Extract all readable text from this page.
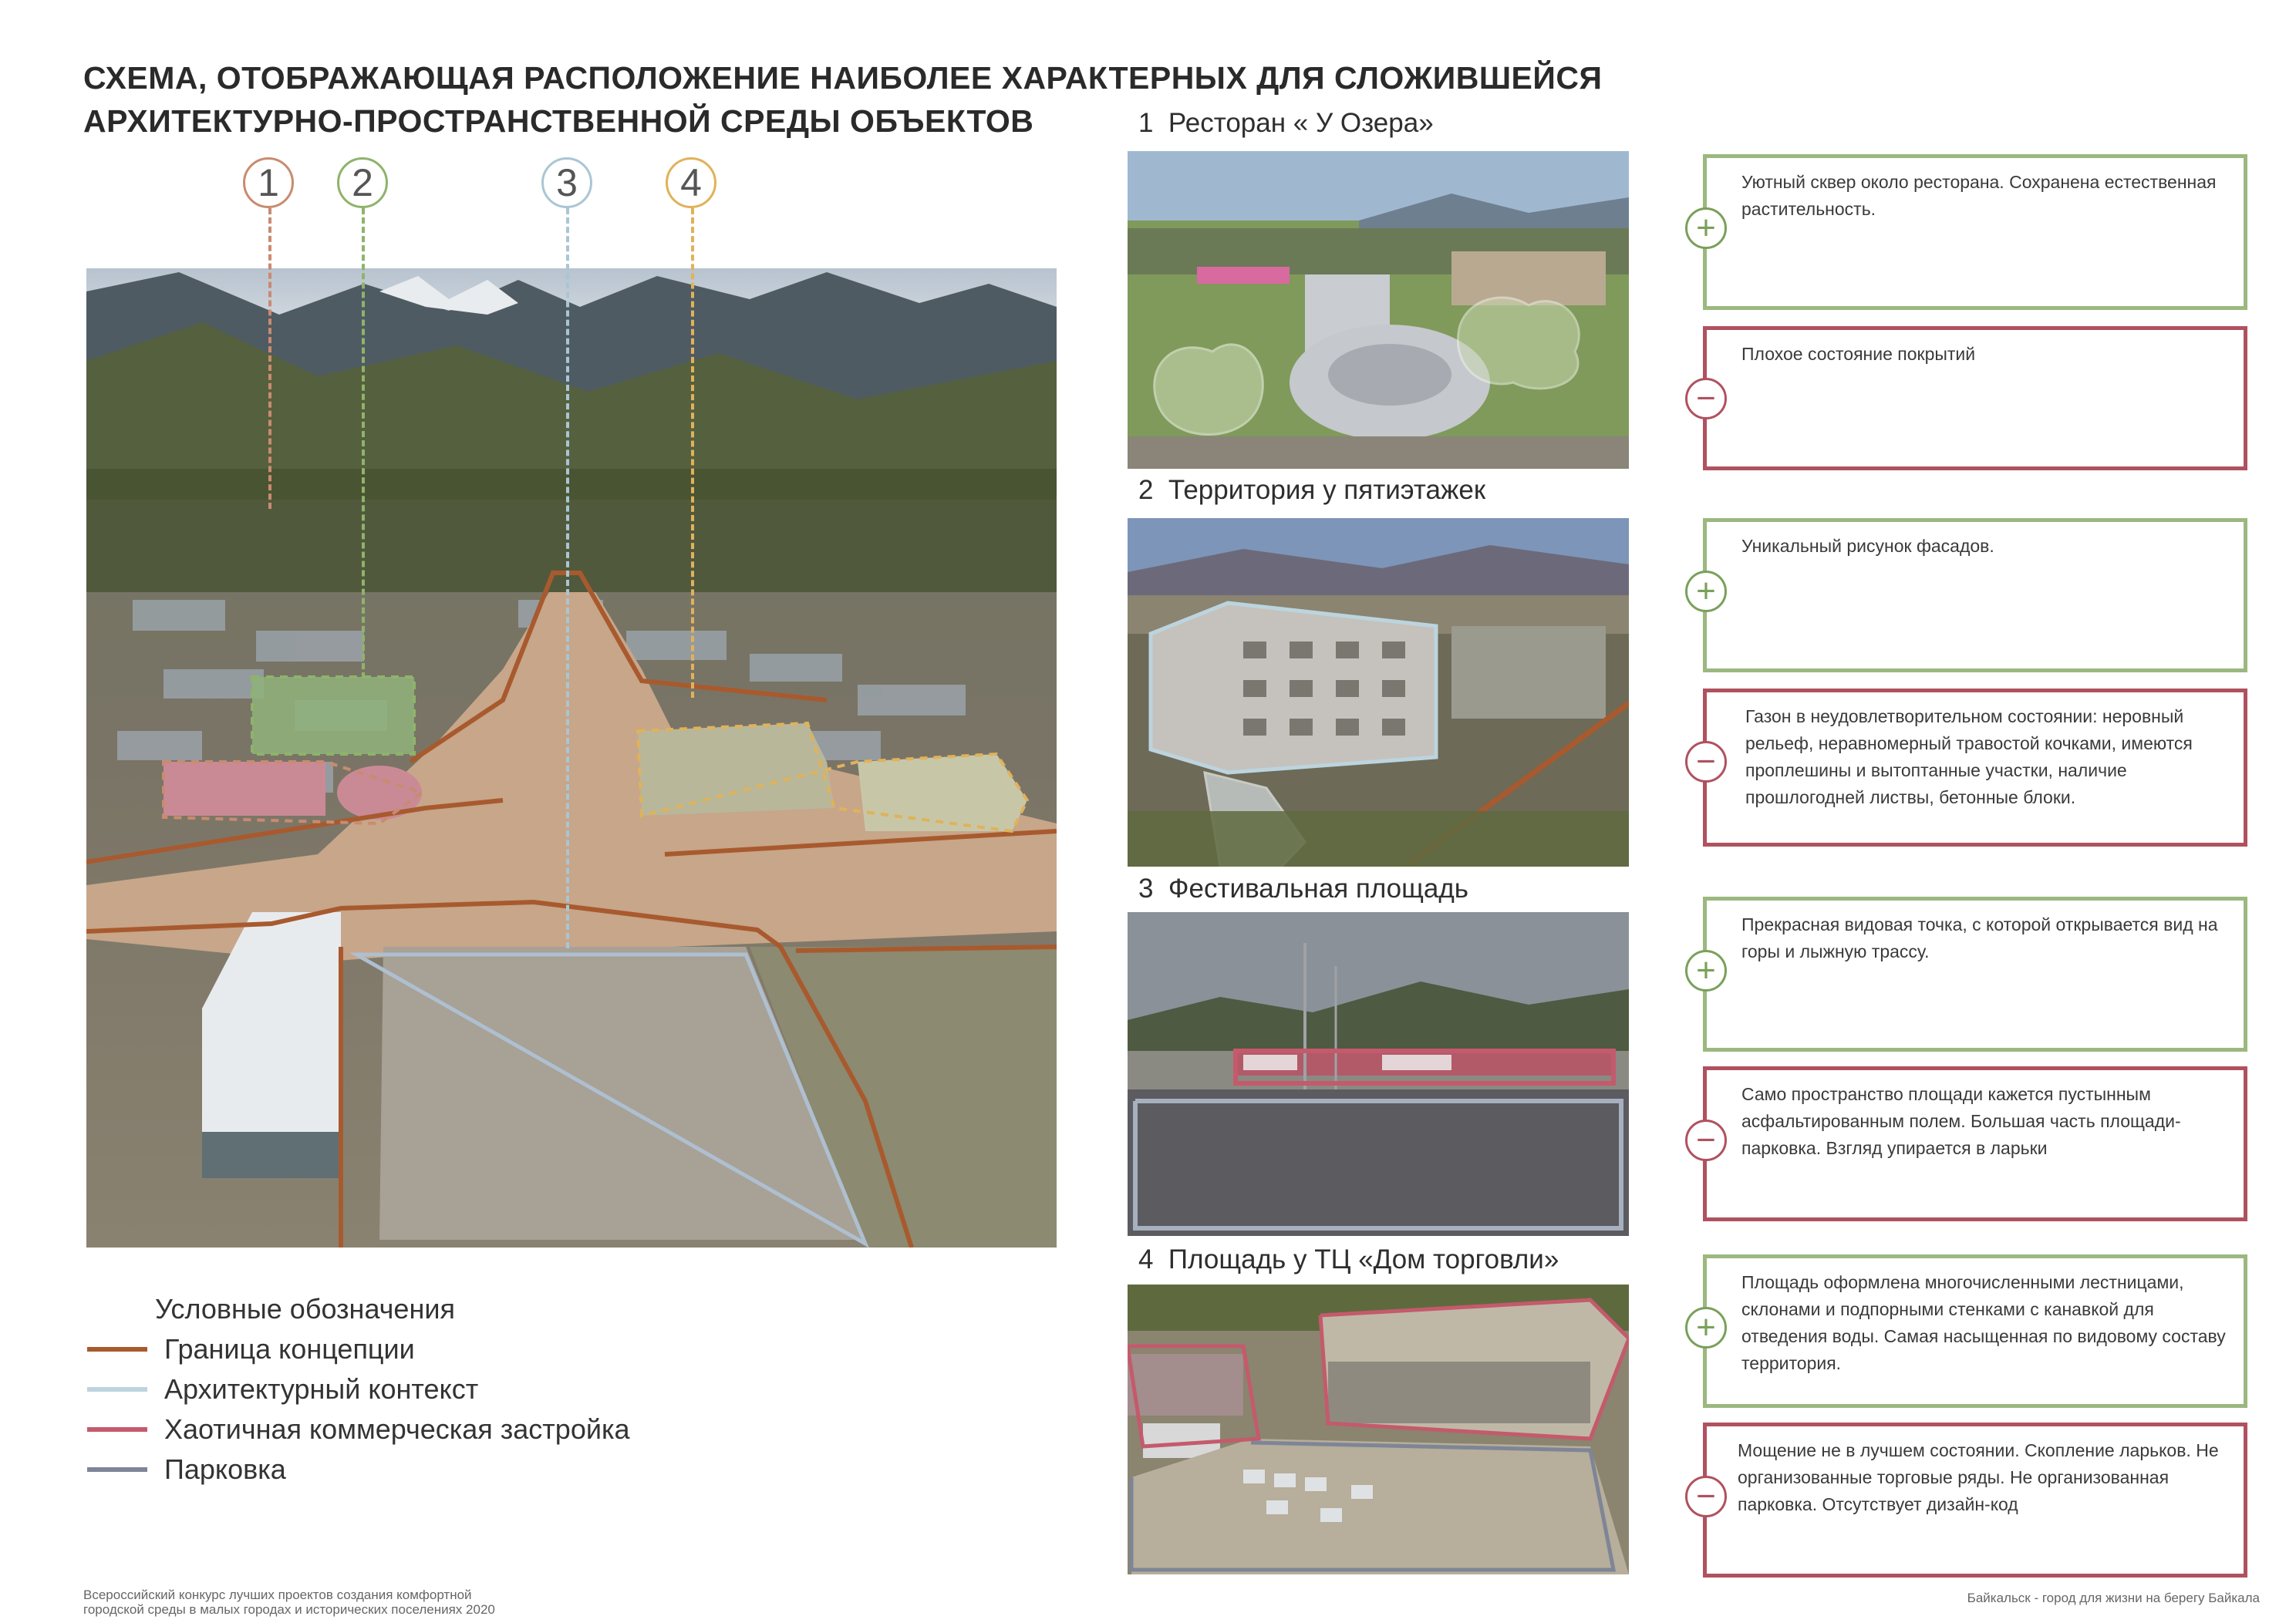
СХЕМА, ОТОБРАЖАЮЩАЯ РАСПОЛОЖЕНИЕ НАИБОЛЕЕ ХАРАКТЕРНЫХ ДЛЯ СЛОЖИВШЕЙСЯ
АРХИТЕКТУРНО-ПРОСТРАНСТВЕННОЙ СРЕДЫ ОБЪЕКТОВ
1	2	3	4
Условные обозначения
Граница концепции
Архитектурный контекст
Хаотичная коммерческая застройка
Парковка
1 Ресторан « У Озера»
Уютный сквер около ресторана. Сохранена естественная растительность.
+
Плохое состояние покрытий
−
2 Территория у пятиэтажек
Уникальный рисунок фасадов.
+
Газон в неудовлетворительном состоянии: неровный рельеф, неравномерный травостой кочками, имеются проплешины и вытоптанные участки, наличие прошлогодней листвы, бетонные блоки.
−
3 Фестивальная площадь
Прекрасная видовая точка, с которой открывается вид на горы и лыжную трассу.
+
Само пространство площади кажется пустынным асфальтированным полем. Большая часть площади-парковка. Взгляд упирается в ларьки
−
4 Площадь у ТЦ «Дом торговли»
Площадь оформлена многочисленными лестницами, склонами и подпорными стенками с канавкой для отведения воды. Самая насыщенная по видовому составу территория.
+
Мощение не в лучшем состоянии. Скопление ларьков. Не организованные торговые ряды. Не организованная парковка. Отсутствует дизайн-код
−
Всероссийский конкурс лучших проектов создания комфортной
городской среды в малых городах и исторических поселениях 2020
Байкальск - город для жизни на берегу Байкала
